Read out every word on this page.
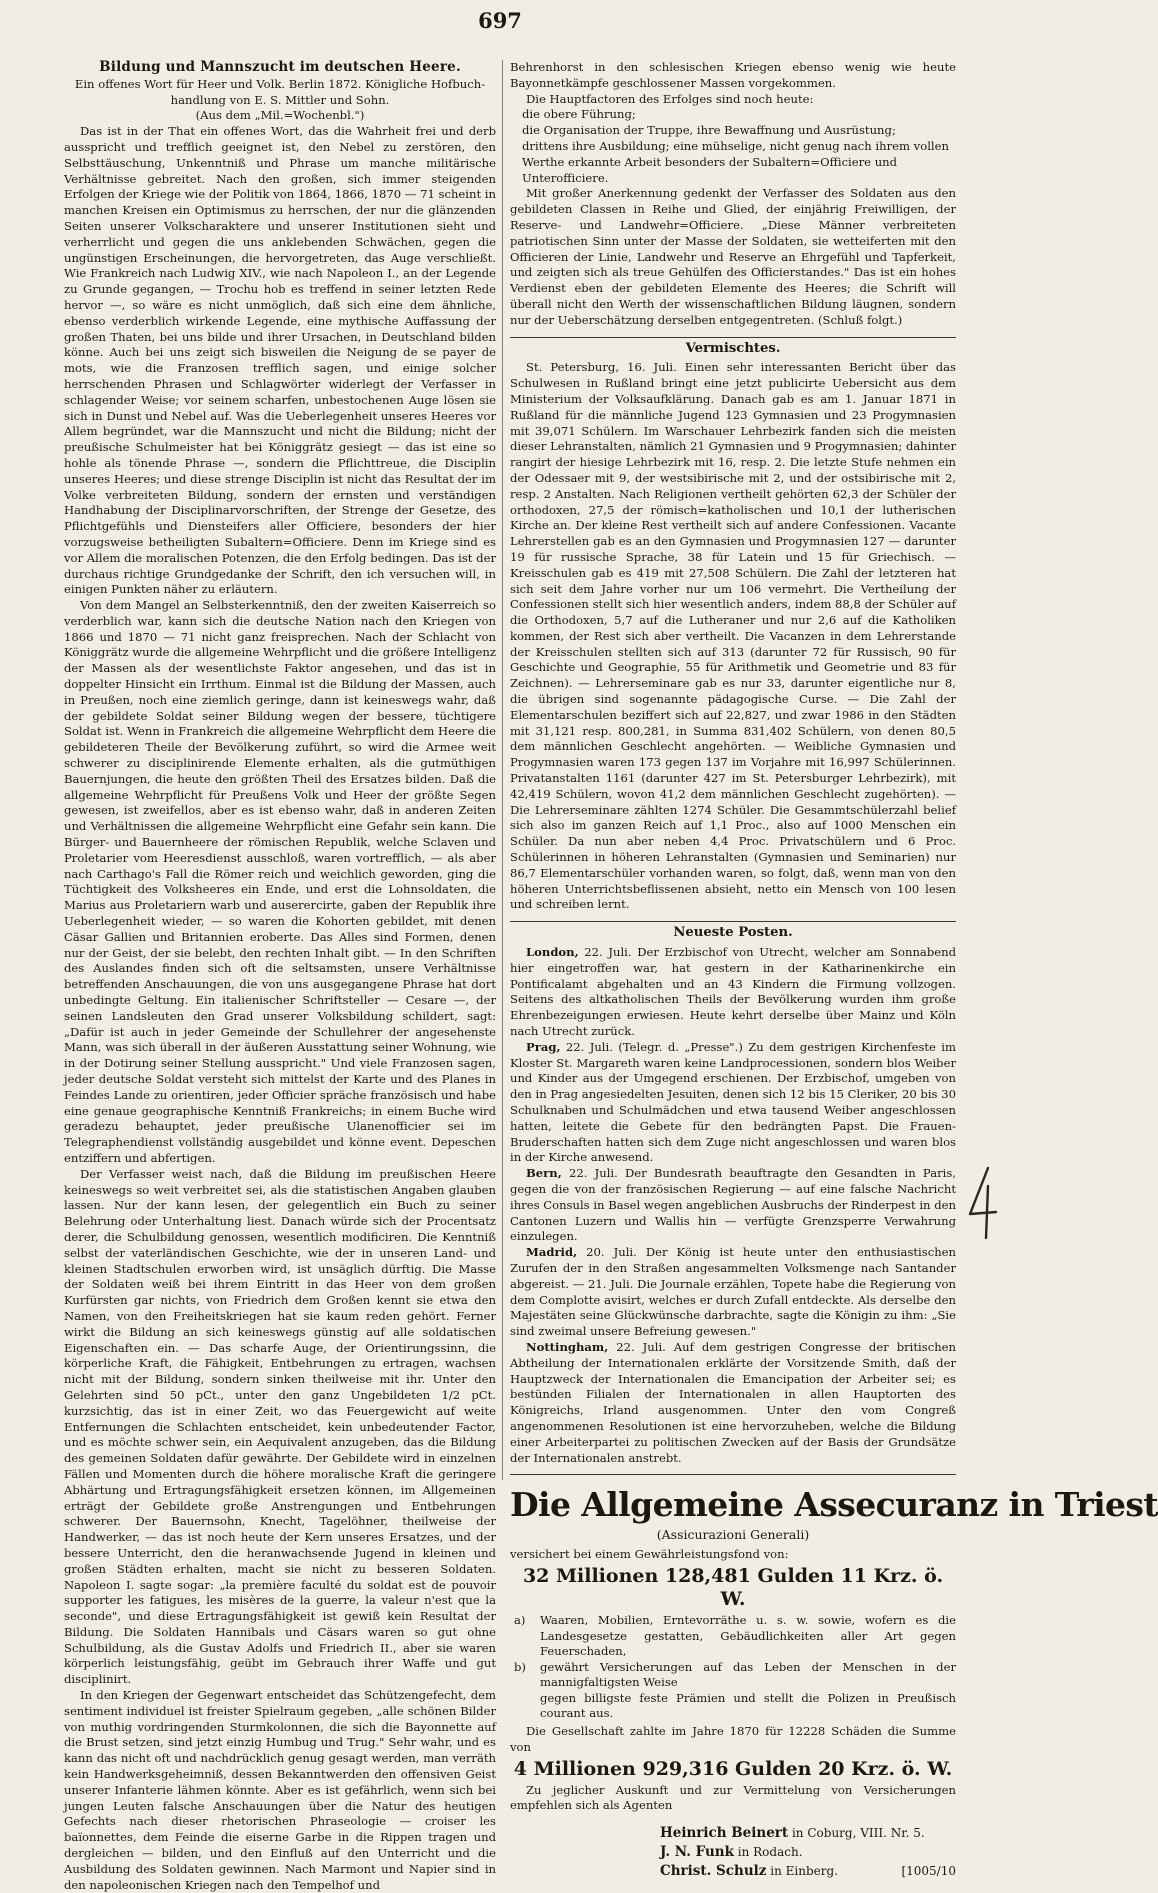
697

Bildung und Mannszucht im deutschen Heere.

Ein offenes Wort für Heer und Volk. Berlin 1872. Königliche Hofbuch-

handlung von E. S. Mittler und Sohn.

(Aus dem „Mil.=Wochenbl.")

Das ist in der That ein offenes Wort, das die Wahrheit frei und derb ausspricht und trefflich geeignet ist, den Nebel zu zerstören, den Selbsttäuschung, Unkenntniß und Phrase um manche militärische Verhältnisse gebreitet. Nach den großen, sich immer steigenden Erfolgen der Kriege wie der Politik von 1864, 1866, 1870 — 71 scheint in manchen Kreisen ein Optimismus zu herrschen, der nur die glänzenden Seiten unserer Volkscharaktere und unserer Institutionen sieht und verherrlicht und gegen die uns anklebenden Schwächen, gegen die ungünstigen Erscheinungen, die hervorgetreten, das Auge verschließt. Wie Frankreich nach Ludwig XIV., wie nach Napoleon I., an der Legende zu Grunde gegangen, — Trochu hob es treffend in seiner letzten Rede hervor —, so wäre es nicht unmöglich, daß sich eine dem ähnliche, ebenso verderblich wirkende Legende, eine mythische Auffassung der großen Thaten, bei uns bilde und ihrer Ursachen, in Deutschland bilden könne. Auch bei uns zeigt sich bisweilen die Neigung de se payer de mots, wie die Franzosen trefflich sagen, und einige solcher herrschenden Phrasen und Schlagwörter widerlegt der Verfasser in schlagender Weise; vor seinem scharfen, unbestochenen Auge lösen sie sich in Dunst und Nebel auf. Was die Ueberlegenheit unseres Heeres vor Allem begründet, war die Mannszucht und nicht die Bildung; nicht der preußische Schulmeister hat bei Königgrätz gesiegt — das ist eine so hohle als tönende Phrase —, sondern die Pflichttreue, die Disciplin unseres Heeres; und diese strenge Disciplin ist nicht das Resultat der im Volke verbreiteten Bildung, sondern der ernsten und verständigen Handhabung der Disciplinarvorschriften, der Strenge der Gesetze, des Pflichtgefühls und Diensteifers aller Officiere, besonders der hier vorzugsweise betheiligten Subaltern=Officiere. Denn im Kriege sind es vor Allem die moralischen Potenzen, die den Erfolg bedingen. Das ist der durchaus richtige Grundgedanke der Schrift, den ich versuchen will, in einigen Punkten näher zu erläutern.

Von dem Mangel an Selbsterkenntniß, den der zweiten Kaiserreich so verderblich war, kann sich die deutsche Nation nach den Kriegen von 1866 und 1870 — 71 nicht ganz freisprechen. Nach der Schlacht von Königgrätz wurde die allgemeine Wehrpflicht und die größere Intelligenz der Massen als der wesentlichste Faktor angesehen, und das ist in doppelter Hinsicht ein Irrthum. Einmal ist die Bildung der Massen, auch in Preußen, noch eine ziemlich geringe, dann ist keineswegs wahr, daß der gebildete Soldat seiner Bildung wegen der bessere, tüchtigere Soldat ist. Wenn in Frankreich die allgemeine Wehrpflicht dem Heere die gebildeteren Theile der Bevölkerung zuführt, so wird die Armee weit schwerer zu disciplinirende Elemente erhalten, als die gutmüthigen Bauernjungen, die heute den größten Theil des Ersatzes bilden. Daß die allgemeine Wehrpflicht für Preußens Volk und Heer der größte Segen gewesen, ist zweifellos, aber es ist ebenso wahr, daß in anderen Zeiten und Verhältnissen die allgemeine Wehrpflicht eine Gefahr sein kann. Die Bürger- und Bauernheere der römischen Republik, welche Sclaven und Proletarier vom Heeresdienst ausschloß, waren vortrefflich, — als aber nach Carthago's Fall die Römer reich und weichlich geworden, ging die Tüchtigkeit des Volksheeres ein Ende, und erst die Lohnsoldaten, die Marius aus Proletariern warb und auserercirte, gaben der Republik ihre Ueberlegenheit wieder, — so waren die Kohorten gebildet, mit denen Cäsar Gallien und Britannien eroberte. Das Alles sind Formen, denen nur der Geist, der sie belebt, den rechten Inhalt gibt. — In den Schriften des Auslandes finden sich oft die seltsamsten, unsere Verhältnisse betreffenden Anschauungen, die von uns ausgegangene Phrase hat dort unbedingte Geltung. Ein italienischer Schriftsteller — Cesare —, der seinen Landsleuten den Grad unserer Volksbildung schildert, sagt: „Dafür ist auch in jeder Gemeinde der Schullehrer der angesehenste Mann, was sich überall in der äußeren Ausstattung seiner Wohnung, wie in der Dotirung seiner Stellung ausspricht." Und viele Franzosen sagen, jeder deutsche Soldat versteht sich mittelst der Karte und des Planes in Feindes Lande zu orientiren, jeder Officier spräche französisch und habe eine genaue geographische Kenntniß Frankreichs; in einem Buche wird geradezu behauptet, jeder preußische Ulanenofficier sei im Telegraphendienst vollständig ausgebildet und könne event. Depeschen entziffern und abfertigen.

Der Verfasser weist nach, daß die Bildung im preußischen Heere keineswegs so weit verbreitet sei, als die statistischen Angaben glauben lassen. Nur der kann lesen, der gelegentlich ein Buch zu seiner Belehrung oder Unterhaltung liest. Danach würde sich der Procentsatz derer, die Schulbildung genossen, wesentlich modificiren. Die Kenntniß selbst der vaterländischen Geschichte, wie der in unseren Land- und kleinen Stadtschulen erworben wird, ist unsäglich dürftig. Die Masse der Soldaten weiß bei ihrem Eintritt in das Heer von dem großen Kurfürsten gar nichts, von Friedrich dem Großen kennt sie etwa den Namen, von den Freiheitskriegen hat sie kaum reden gehört. Ferner wirkt die Bildung an sich keineswegs günstig auf alle soldatischen Eigenschaften ein. — Das scharfe Auge, der Orientirungssinn, die körperliche Kraft, die Fähigkeit, Entbehrungen zu ertragen, wachsen nicht mit der Bildung, sondern sinken theilweise mit ihr. Unter den Gelehrten sind 50 pCt., unter den ganz Ungebildeten 1/2 pCt. kurzsichtig, das ist in einer Zeit, wo das Feuergewicht auf weite Entfernungen die Schlachten entscheidet, kein unbedeutender Factor, und es möchte schwer sein, ein Aequivalent anzugeben, das die Bildung des gemeinen Soldaten dafür gewährte. Der Gebildete wird in einzelnen Fällen und Momenten durch die höhere moralische Kraft die geringere Abhärtung und Ertragungsfähigkeit ersetzen können, im Allgemeinen erträgt der Gebildete große Anstrengungen und Entbehrungen schwerer. Der Bauernsohn, Knecht, Tagelöhner, theilweise der Handwerker, — das ist noch heute der Kern unseres Ersatzes, und der bessere Unterricht, den die heranwachsende Jugend in kleinen und großen Städten erhalten, macht sie nicht zu besseren Soldaten. Napoleon I. sagte sogar: „la première faculté du soldat est de pouvoir supporter les fatigues, les misères de la guerre, la valeur n'est que la seconde", und diese Ertragungsfähigkeit ist gewiß kein Resultat der Bildung. Die Soldaten Hannibals und Cäsars waren so gut ohne Schulbildung, als die Gustav Adolfs und Friedrich II., aber sie waren körperlich leistungsfähig, geübt im Gebrauch ihrer Waffe und gut disciplinirt.

In den Kriegen der Gegenwart entscheidet das Schützengefecht, dem sentiment individuel ist freister Spielraum gegeben, „alle schönen Bilder von muthig vordringenden Sturmkolonnen, die sich die Bayonnette auf die Brust setzen, sind jetzt einzig Humbug und Trug." Sehr wahr, und es kann das nicht oft und nachdrücklich genug gesagt werden, man verräth kein Handwerksgeheimniß, dessen Bekanntwerden den offensiven Geist unserer Infanterie lähmen könnte. Aber es ist gefährlich, wenn sich bei jungen Leuten falsche Anschauungen über die Natur des heutigen Gefechts nach dieser rhetorischen Phraseologie — croiser les baïonnettes, dem Feinde die eiserne Garbe in die Rippen tragen und dergleichen — bilden, und den Einfluß auf den Unterricht und die Ausbildung des Soldaten gewinnen. Nach Marmont und Napier sind in den napoleonischen Kriegen nach den Tempelhof und

Behrenhorst in den schlesischen Kriegen ebenso wenig wie heute Bayonnetkämpfe geschlossener Massen vorgekommen.

Die Hauptfactoren des Erfolges sind noch heute:

die obere Führung;

die Organisation der Truppe, ihre Bewaffnung und Ausrüstung;

drittens ihre Ausbildung; eine mühselige, nicht genug nach ihrem vollen Werthe erkannte Arbeit besonders der Subaltern=Officiere und Unterofficiere.

Mit großer Anerkennung gedenkt der Verfasser des Soldaten aus den gebildeten Classen in Reihe und Glied, der einjährig Freiwilligen, der Reserve- und Landwehr=Officiere. „Diese Männer verbreiteten patriotischen Sinn unter der Masse der Soldaten, sie wetteiferten mit den Officieren der Linie, Landwehr und Reserve an Ehrgefühl und Tapferkeit, und zeigten sich als treue Gehülfen des Officierstandes." Das ist ein hohes Verdienst eben der gebildeten Elemente des Heeres; die Schrift will überall nicht den Werth der wissenschaftlichen Bildung läugnen, sondern nur der Ueberschätzung derselben entgegentreten. (Schluß folgt.)

Vermischtes.

St. Petersburg, 16. Juli. Einen sehr interessanten Bericht über das Schulwesen in Rußland bringt eine jetzt publicirte Uebersicht aus dem Ministerium der Volksaufklärung. Danach gab es am 1. Januar 1871 in Rußland für die männliche Jugend 123 Gymnasien und 23 Progymnasien mit 39,071 Schülern. Im Warschauer Lehrbezirk fanden sich die meisten dieser Lehranstalten, nämlich 21 Gymnasien und 9 Progymnasien; dahinter rangirt der hiesige Lehrbezirk mit 16, resp. 2. Die letzte Stufe nehmen ein der Odessaer mit 9, der westsibirische mit 2, und der ostsibirische mit 2, resp. 2 Anstalten. Nach Religionen vertheilt gehörten 62,3 der Schüler der orthodoxen, 27,5 der römisch=katholischen und 10,1 der lutherischen Kirche an. Der kleine Rest vertheilt sich auf andere Confessionen. Vacante Lehrerstellen gab es an den Gymnasien und Progymnasien 127 — darunter 19 für russische Sprache, 38 für Latein und 15 für Griechisch. — Kreisschulen gab es 419 mit 27,508 Schülern. Die Zahl der letzteren hat sich seit dem Jahre vorher nur um 106 vermehrt. Die Vertheilung der Confessionen stellt sich hier wesentlich anders, indem 88,8 der Schüler auf die Orthodoxen, 5,7 auf die Lutheraner und nur 2,6 auf die Katholiken kommen, der Rest sich aber vertheilt. Die Vacanzen in dem Lehrerstande der Kreisschulen stellten sich auf 313 (darunter 72 für Russisch, 90 für Geschichte und Geographie, 55 für Arithmetik und Geometrie und 83 für Zeichnen). — Lehrerseminare gab es nur 33, darunter eigentliche nur 8, die übrigen sind sogenannte pädagogische Curse. — Die Zahl der Elementarschulen beziffert sich auf 22,827, und zwar 1986 in den Städten mit 31,121 resp. 800,281, in Summa 831,402 Schülern, von denen 80,5 dem männlichen Geschlecht angehörten. — Weibliche Gymnasien und Progymnasien waren 173 gegen 137 im Vorjahre mit 16,997 Schülerinnen. Privatanstalten 1161 (darunter 427 im St. Petersburger Lehrbezirk), mit 42,419 Schülern, wovon 41,2 dem männlichen Geschlecht zugehörten). — Die Lehrerseminare zählten 1274 Schüler. Die Gesammtschülerzahl belief sich also im ganzen Reich auf 1,1 Proc., also auf 1000 Menschen ein Schüler. Da nun aber neben 4,4 Proc. Privatschülern und 6 Proc. Schülerinnen in höheren Lehranstalten (Gymnasien und Seminarien) nur 86,7 Elementarschüler vorhanden waren, so folgt, daß, wenn man von den höheren Unterrichtsbeflissenen absieht, netto ein Mensch von 100 lesen und schreiben lernt.

Neueste Posten.

London, 22. Juli. Der Erzbischof von Utrecht, welcher am Sonnabend hier eingetroffen war, hat gestern in der Katharinenkirche ein Pontificalamt abgehalten und an 43 Kindern die Firmung vollzogen. Seitens des altkatholischen Theils der Bevölkerung wurden ihm große Ehrenbezeigungen erwiesen. Heute kehrt derselbe über Mainz und Köln nach Utrecht zurück.

Prag, 22. Juli. (Telegr. d. „Presse".) Zu dem gestrigen Kirchenfeste im Kloster St. Margareth waren keine Landprocessionen, sondern blos Weiber und Kinder aus der Umgegend erschienen. Der Erzbischof, umgeben von den in Prag angesiedelten Jesuiten, denen sich 12 bis 15 Cleriker, 20 bis 30 Schulknaben und Schulmädchen und etwa tausend Weiber angeschlossen hatten, leitete die Gebete für den bedrängten Papst. Die Frauen-Bruderschaften hatten sich dem Zuge nicht angeschlossen und waren blos in der Kirche anwesend.

Bern, 22. Juli. Der Bundesrath beauftragte den Gesandten in Paris, gegen die von der französischen Regierung — auf eine falsche Nachricht ihres Consuls in Basel wegen angeblichen Ausbruchs der Rinderpest in den Cantonen Luzern und Wallis hin — verfügte Grenzsperre Verwahrung einzulegen.

Madrid, 20. Juli. Der König ist heute unter den enthusiastischen Zurufen der in den Straßen angesammelten Volksmenge nach Santander abgereist. — 21. Juli. Die Journale erzählen, Topete habe die Regierung von dem Complotte avisirt, welches er durch Zufall entdeckte. Als derselbe den Majestäten seine Glückwünsche darbrachte, sagte die Königin zu ihm: „Sie sind zweimal unsere Befreiung gewesen."

Nottingham, 22. Juli. Auf dem gestrigen Congresse der britischen Abtheilung der Internationalen erklärte der Vorsitzende Smith, daß der Hauptzweck der Internationalen die Emancipation der Arbeiter sei; es bestünden Filialen der Internationalen in allen Hauptorten des Königreichs, Irland ausgenommen. Unter den vom Congreß angenommenen Resolutionen ist eine hervorzuheben, welche die Bildung einer Arbeiterpartei zu politischen Zwecken auf der Basis der Grundsätze der Internationalen anstrebt.

Die Allgemeine Assecuranz in Triest

(Assicurazioni Generali)

versichert bei einem Gewährleistungsfond von:

32 Millionen 128,481 Gulden 11 Krz. ö. W.

a)	Waaren, Mobilien, Erntevorräthe u. s. w. sowie, wofern es die Landesgesetze gestatten, Gebäudlichkeiten aller Art gegen Feuerschaden,
b)	gewährt Versicherungen auf das Leben der Menschen in der mannigfaltigsten Weise
gegen billigste feste Prämien und stellt die Polizen in Preußisch courant aus.

Die Gesellschaft zahlte im Jahre 1870 für 12228 Schäden die Summe von

4 Millionen 929,316 Gulden 20 Krz. ö. W.

Zu jeglicher Auskunft und zur Vermittelung von Versicherungen empfehlen sich als Agenten

Heinrich Beinert in Coburg, VIII. Nr. 5.

J. N. Funk in Rodach.

Christ. Schulz in Einberg.	[1005/10
